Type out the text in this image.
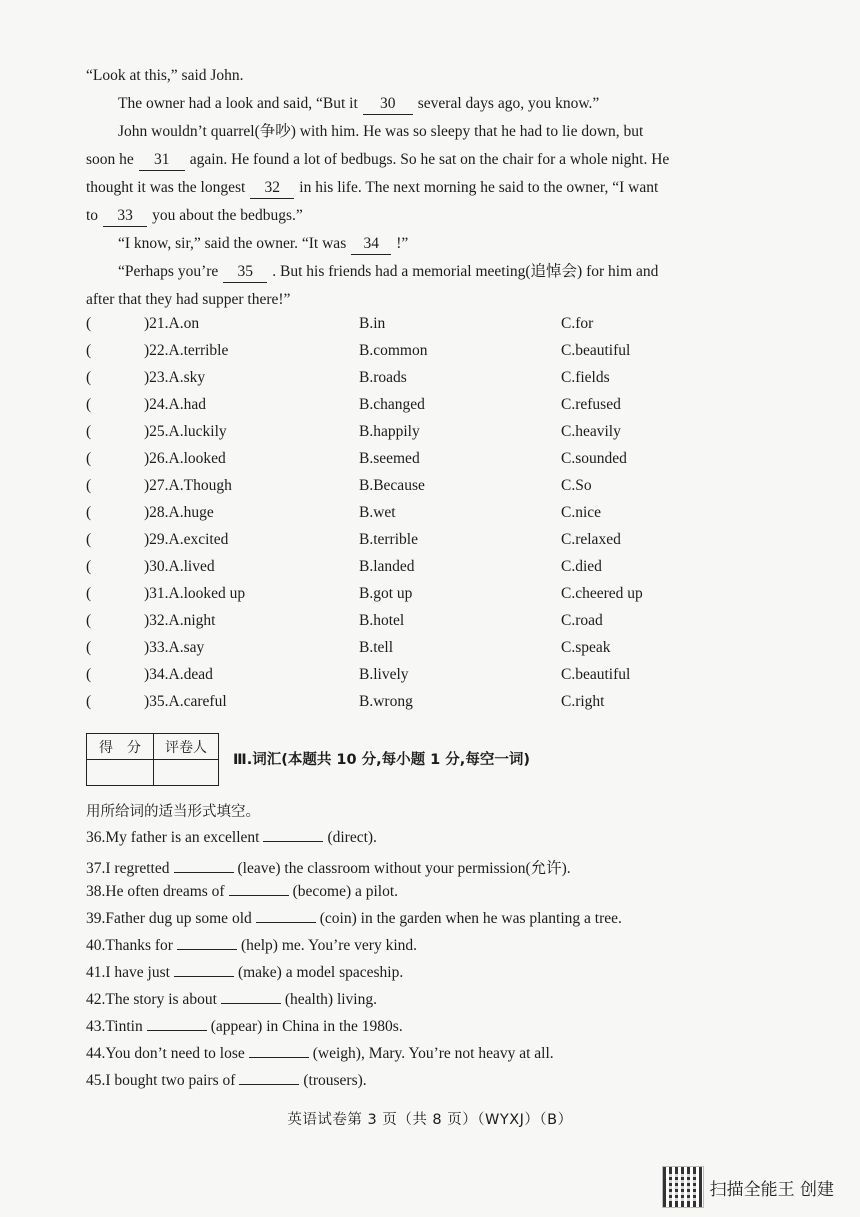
“Look at this,” said John.
The owner had a look and said, “But it 30 several days ago, you know.”
John wouldn’t quarrel(争吵) with him. He was so sleepy that he had to lie down, but
soon he 31 again. He found a lot of bedbugs. So he sat on the chair for a whole night. He
thought it was the longest 32 in his life. The next morning he said to the owner, “I want
to 33 you about the bedbugs.”
“I know, sir,” said the owner. “It was 34 !”
“Perhaps you’re 35 . But his friends had a memorial meeting(追悼会) for him and
after that they had supper there!”
(	)21.A.on	B.in	C.for
(	)22.A.terrible	B.common	C.beautiful
(	)23.A.sky	B.roads	C.fields
(	)24.A.had	B.changed	C.refused
(	)25.A.luckily	B.happily	C.heavily
(	)26.A.looked	B.seemed	C.sounded
(	)27.A.Though	B.Because	C.So
(	)28.A.huge	B.wet	C.nice
(	)29.A.excited	B.terrible	C.relaxed
(	)30.A.lived	B.landed	C.died
(	)31.A.looked up	B.got up	C.cheered up
(	)32.A.night	B.hotel	C.road
(	)33.A.say	B.tell	C.speak
(	)34.A.dead	B.lively	C.beautiful
(	)35.A.careful	B.wrong	C.right
得　分	评卷人

Ⅲ.词汇(本题共 10 分,每小题 1 分,每空一词)
用所给词的适当形式填空。
36.My father is an excellent	(direct).
37.I regretted	(leave) the classroom without your permission(允许).
38.He often dreams of	(become) a pilot.
39.Father dug up some old	(coin) in the garden when he was planting a tree.
40.Thanks for	(help) me. You’re very kind.
41.I have just	(make) a model spaceship.
42.The story is about	(health) living.
43.Tintin	(appear) in China in the 1980s.
44.You don’t need to lose	(weigh), Mary. You’re not heavy at all.
45.I bought two pairs of	(trousers).
英语试卷第 3 页（共 8 页）（WYXJ）（B）
扫描全能王 创建
